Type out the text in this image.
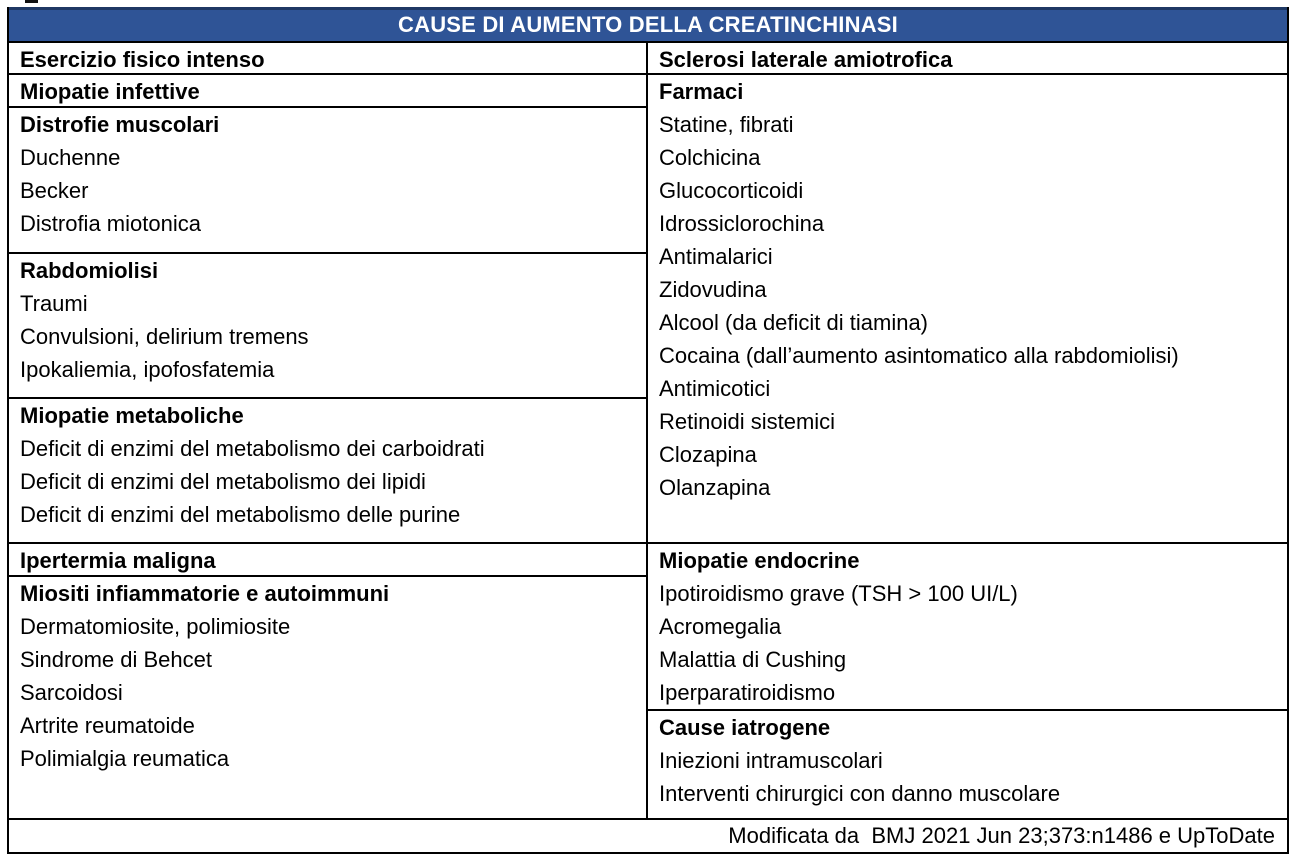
CAUSE DI AUMENTO DELLA CREATINCHINASI
Esercizio fisico intenso
Miopatie infettive
Distrofie muscolari
Duchenne
Becker
Distrofia miotonica
Rabdomiolisi
Traumi
Convulsioni, delirium tremens
Ipokaliemia, ipofosfatemia
Miopatie metaboliche
Deficit di enzimi del metabolismo dei carboidrati
Deficit di enzimi del metabolismo dei lipidi
Deficit di enzimi del metabolismo delle purine
Ipertermia maligna
Miositi infiammatorie e autoimmuni
Dermatomiosite, polimiosite
Sindrome di Behcet
Sarcoidosi
Artrite reumatoide
Polimialgia reumatica
Sclerosi laterale amiotrofica
Farmaci
Statine, fibrati
Colchicina
Glucocorticoidi
Idrossiclorochina
Antimalarici
Zidovudina
Alcool (da deficit di tiamina)
Cocaina (dall’aumento asintomatico alla rabdomiolisi)
Antimicotici
Retinoidi sistemici
Clozapina
Olanzapina
Miopatie endocrine
Ipotiroidismo grave (TSH > 100 UI/L)
Acromegalia
Malattia di Cushing
Iperparatiroidismo
Cause iatrogene
Iniezioni intramuscolari
Interventi chirurgici con danno muscolare
Modificata da  BMJ 2021 Jun 23;373:n1486 e UpToDate
